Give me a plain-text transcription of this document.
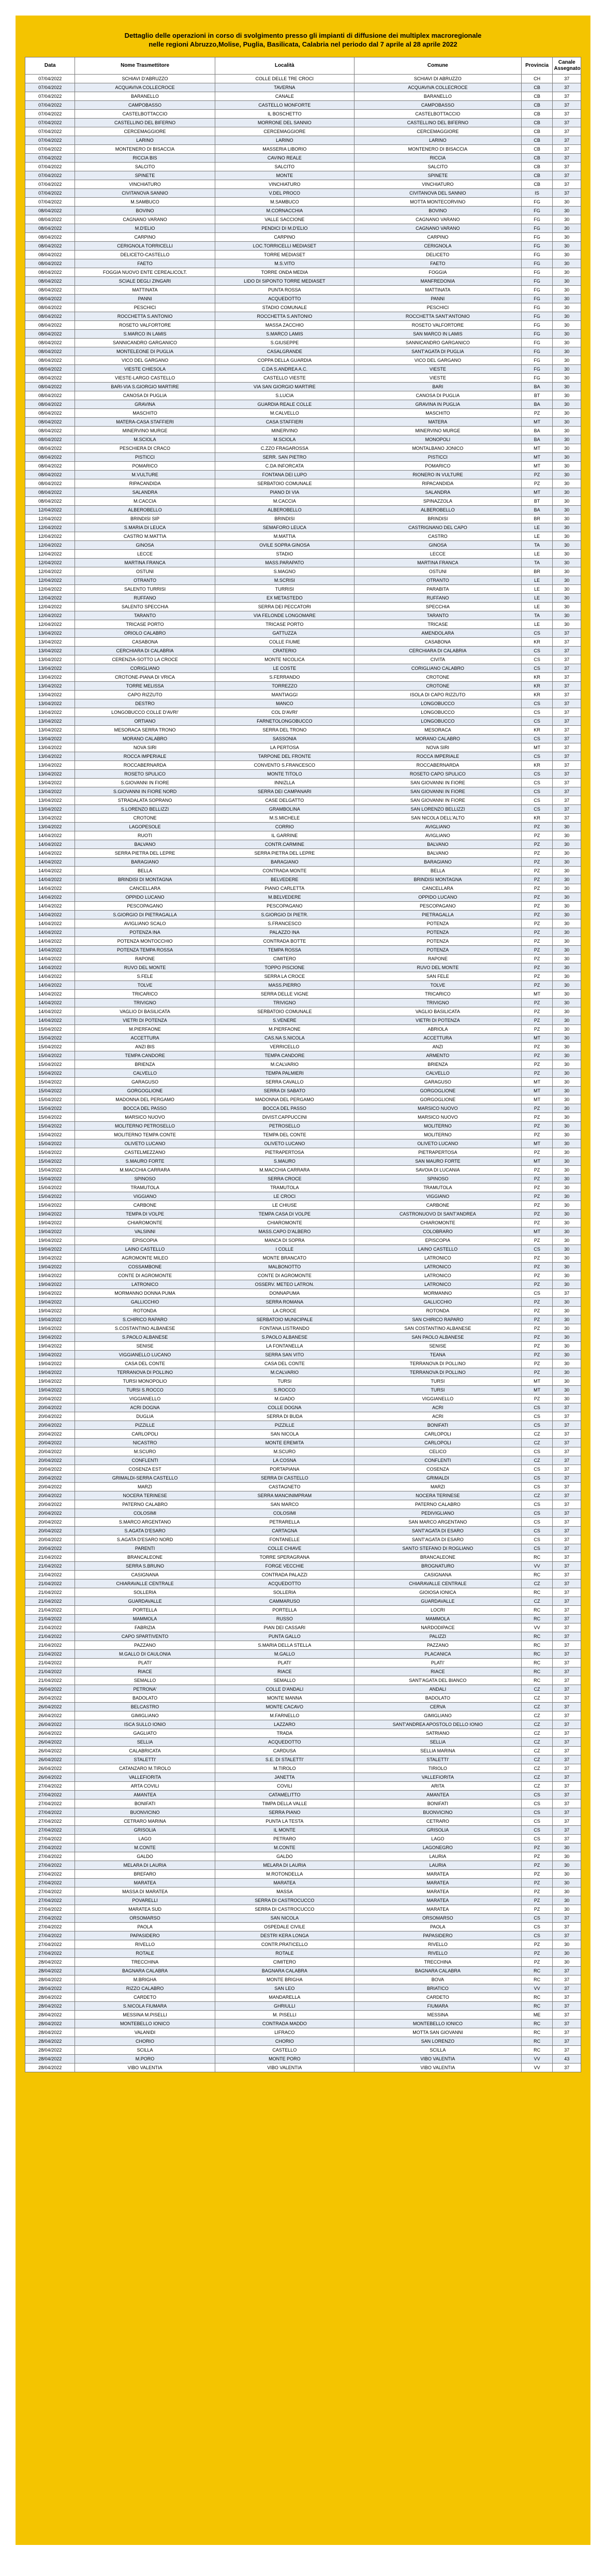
Dettaglio delle operazioni in corso di svolgimento presso gli impianti di diffusione dei multiplex macroregionale
nelle regioni Abruzzo,Molise, Puglia, Basilicata, Calabria nel periodo dal 7 aprile al 28 aprile 2022
Data	Nome Trasmettitore	Località	Comune	Provincia	Canale Assegnato
07/04/2022	SCHIAVI D'ABRUZZO	COLLE DELLE TRE CROCI	SCHIAVI DI ABRUZZO	CH	37
07/04/2022	ACQUAVIVA COLLECROCE	TAVERNA	ACQUAVIVA COLLECROCE	CB	37
07/04/2022	BARANELLO	CANALE	BARANELLO	CB	37
07/04/2022	CAMPOBASSO	CASTELLO MONFORTE	CAMPOBASSO	CB	37
07/04/2022	CASTELBOTTACCIO	IL BOSCHETTO	CASTELBOTTACCIO	CB	37
07/04/2022	CASTELLINO DEL BIFERNO	MORRONE DEL SANNIO	CASTELLINO DEL BIFERNO	CB	37
07/04/2022	CERCEMAGGIORE	CERCEMAGGIORE	CERCEMAGGIORE	CB	37
07/04/2022	LARINO	LARINO	LARINO	CB	37
07/04/2022	MONTENERO DI BISACCIA	MASSERIA LIBORIO	MONTENERO DI BISACCIA	CB	37
07/04/2022	RICCIA BIS	CAVINO REALE	RICCIA	CB	37
07/04/2022	SALCITO	SALCITO	SALCITO	CB	37
07/04/2022	SPINETE	MONTE	SPINETE	CB	37
07/04/2022	VINCHIATURO	VINCHIATURO	VINCHIATURO	CB	37
07/04/2022	CIVITANOVA SANNIO	V.DEL PROCO	CIVITANOVA DEL SANNIO	IS	37
07/04/2022	M.SAMBUCO	M.SAMBUCO	MOTTA MONTECORVINO	FG	30
08/04/2022	BOVINO	M.CORNACCHIA	BOVINO	FG	30
08/04/2022	CAGNANO VARANO	VALLE SACCIONE	CAGNANO VARANO	FG	30
08/04/2022	M.D'ELIO	PENDICI DI M.D'ELIO	CAGNANO VARANO	FG	30
08/04/2022	CARPINO	CARPINO	CARPINO	FG	30
08/04/2022	CERIGNOLA TORRICELLI	LOC.TORRICELLI MEDIASET	CERIGNOLA	FG	30
08/04/2022	DELICETO-CASTELLO	TORRE MEDIASET	DELICETO	FG	30
08/04/2022	FAETO	M.S.VITO	FAETO	FG	30
08/04/2022	FOGGIA NUOVO ENTE CEREALICOLT.	TORRE ONDA MEDIA	FOGGIA	FG	30
08/04/2022	SCIALE DEGLI ZINGARI	LIDO DI SIPONTO TORRE MEDIASET	MANFREDONIA	FG	30
08/04/2022	MATTINATA	PUNTA ROSSA	MATTINATA	FG	30
08/04/2022	PANNI	ACQUEDOTTO	PANNI	FG	30
08/04/2022	PESCHICI	STADIO COMUNALE	PESCHICI	FG	30
08/04/2022	ROCCHETTA S.ANTONIO	ROCCHETTA S.ANTONIO	ROCCHETTA SANT'ANTONIO	FG	30
08/04/2022	ROSETO VALFORTORE	MASSA ZACCHIO	ROSETO VALFORTORE	FG	30
08/04/2022	S.MARCO IN LAMIS	S.MARCO LAMIS	SAN MARCO IN LAMIS	FG	30
08/04/2022	SANNICANDRO GARGANICO	S.GIUSEPPE	SANNICANDRO GARGANICO	FG	30
08/04/2022	MONTELEONE DI PUGLIA	CASALGRANDE	SANT'AGATA DI PUGLIA	FG	30
08/04/2022	VICO DEL GARGANO	COPPA DELLA GUARDIA	VICO DEL GARGANO	FG	30
08/04/2022	VIESTE CHIESOLA	C.DA S.ANDREA A.C.	VIESTE	FG	30
08/04/2022	VIESTE-LARGO CASTELLO	CASTELLO VIESTE	VIESTE	FG	30
08/04/2022	BARI-VIA S.GIORGIO MARTIRE	VIA SAN GIORGIO MARTIRE	BARI	BA	30
08/04/2022	CANOSA DI PUGLIA	S.LUCIA	CANOSA DI PUGLIA	BT	30
08/04/2022	GRAVINA	GUARDIA REALE COLLE	GRAVINA IN PUGLIA	BA	30
08/04/2022	MASCHITO	M.CALVELLO	MASCHITO	PZ	30
08/04/2022	MATERA-CASA STAFFIERI	CASA STAFFIERI	MATERA	MT	30
08/04/2022	MINERVINO MURGE	MINERVINO	MINERVINO MURGE	BA	30
08/04/2022	M.SCIOLA	M.SCIOLA	MONOPOLI	BA	30
08/04/2022	PESCHIERA DI CRACO	C.ZZO FRAGAROSSA	MONTALBANO JONICO	MT	30
08/04/2022	PISTICCI	SERR. SAN PIETRO	PISTICCI	MT	30
08/04/2022	POMARICO	C.DA INFORCATA	POMARICO	MT	30
08/04/2022	M.VULTURE	FONTANA DEI LUPO	RIONERO IN VULTURE	PZ	30
08/04/2022	RIPACANDIDA	SERBATOIO COMUNALE	RIPACANDIDA	PZ	30
08/04/2022	SALANDRA	PIANO DI VIA	SALANDRA	MT	30
08/04/2022	M.CACCIA	M.CACCIA	SPINAZZOLA	BT	30
12/04/2022	ALBEROBELLO	ALBEROBELLO	ALBEROBELLO	BA	30
12/04/2022	BRINDISI SIP	BRINDISI	BRINDISI	BR	30
12/04/2022	S.MARIA DI LEUCA	SEMAFORO LEUCA	CASTRIGNANO DEL CAPO	LE	30
12/04/2022	CASTRO M.MATTIA	M.MATTIA	CASTRO	LE	30
12/04/2022	GINOSA	OVILE SOPRA GINOSA	GINOSA	TA	30
12/04/2022	LECCE	STADIO	LECCE	LE	30
12/04/2022	MARTINA FRANCA	MASS.PARAPATO	MARTINA FRANCA	TA	30
12/04/2022	OSTUNI	S.MAGNO	OSTUNI	BR	30
12/04/2022	OTRANTO	M.SCRISI	OTRANTO	LE	30
12/04/2022	SALENTO TURRISI	TURRISI	PARABITA	LE	30
12/04/2022	RUFFANO	EX METASTEDO	RUFFANO	LE	30
12/04/2022	SALENTO SPECCHIA	SERRA DEI PECCATORI	SPECCHIA	LE	30
12/04/2022	TARANTO	VIA FELONDE LONGOMARE	TARANTO	TA	30
12/04/2022	TRICASE PORTO	TRICASE PORTO	TRICASE	LE	30
13/04/2022	ORIOLO CALABRO	GATTUZZA	AMENDOLARA	CS	37
13/04/2022	CASABONA	COLLE FIUME	CASABONA	KR	37
13/04/2022	CERCHIARA DI CALABRIA	CRATERIO	CERCHIARA DI CALABRIA	CS	37
13/04/2022	CERENZIA-SOTTO LA CROCE	MONTE NICOLICA	CIVITA	CS	37
13/04/2022	CORIGLIANO	LE COSTE	CORIGLIANO CALABRO	CS	37
13/04/2022	CROTONE-PIANA DI VRICA	S.FERRANDO	CROTONE	KR	37
13/04/2022	TORRE MELISSA	TORREZZO	CROTONE	KR	37
13/04/2022	CAPO RIZZUTO	MANTIAGGI	ISOLA DI CAPO RIZZUTO	KR	37
13/04/2022	DESTRO	MANCO	LONGOBUCCO	CS	37
13/04/2022	LONGOBUCCO COLLE D'AVRI'	COL D'AVRI'	LONGOBUCCO	CS	37
13/04/2022	ORTIANO	FARNETOLONGOBUCCO	LONGOBUCCO	CS	37
13/04/2022	MESORACA SERRA TRONO	SERRA DEL TRONO	MESORACA	KR	37
13/04/2022	MORANO CALABRO	SASSONIA	MORANO CALABRO	CS	37
13/04/2022	NOVA SIRI	LA PERTOSA	NOVA SIRI	MT	37
13/04/2022	ROCCA IMPERIALE	TARPONE DEL FRONTE	ROCCA IMPERIALE	CS	37
13/04/2022	ROCCABERNARDA	CONVENTO S.FRANCESCO	ROCCABERNARDA	KR	37
13/04/2022	ROSETO SPULICO	MONTE TITOLO	ROSETO CAPO SPULICO	CS	37
13/04/2022	S.GIOVANNI IN FIORE	INNIZLLA	SAN GIOVANNI IN FIORE	CS	37
13/04/2022	S.GIOVANNI IN FIORE NORD	SERRA DEI CAMPANARI	SAN GIOVANNI IN FIORE	CS	37
13/04/2022	STRADALATA SOPRANO	CASE DELGATTO	SAN GIOVANNI IN FIORE	CS	37
13/04/2022	S.LORENZO BELLIZZI	GRAMBOLINA	SAN LORENZO BELLIZZI	CS	37
13/04/2022	CROTONE	M.S.MICHELE	SAN NICOLA DELL'ALTO	KR	37
13/04/2022	LAGOPESOLE	CORRIO	AVIGLIANO	PZ	30
14/04/2022	RUOTI	IL GARRINE	AVIGLIANO	PZ	30
14/04/2022	BALVANO	CONTR.CARMINE	BALVANO	PZ	30
14/04/2022	SERRA PIETRA DEL LEPRE	SERRA PIETRA DEL LEPRE	BALVANO	PZ	30
14/04/2022	BARAGIANO	BARAGIANO	BARAGIANO	PZ	30
14/04/2022	BELLA	CONTRADA MONTE	BELLA	PZ	30
14/04/2022	BRINDISI DI MONTAGNA	BELVEDERE	BRINDISI MONTAGNA	PZ	30
14/04/2022	CANCELLARA	PIANO CARLETTA	CANCELLARA	PZ	30
14/04/2022	OPPIDO LUCANO	M.BELVEDERE	OPPIDO LUCANO	PZ	30
14/04/2022	PESCOPAGANO	PESCOPAGANO	PESCOPAGANO	PZ	30
14/04/2022	S.GIORGIO DI PIETRAGALLA	S.GIORGIO DI PIETR.	PIETRAGALLA	PZ	30
14/04/2022	AVIGLIANO SCALO	S.FRANCESCO	POTENZA	PZ	30
14/04/2022	POTENZA INA	PALAZZO INA	POTENZA	PZ	30
14/04/2022	POTENZA MONTOCCHIO	CONTRADA BOTTE	POTENZA	PZ	30
14/04/2022	POTENZA TEMPA ROSSA	TEMPA ROSSA	POTENZA	PZ	30
14/04/2022	RAPONE	CIMITERO	RAPONE	PZ	30
14/04/2022	RUVO DEL MONTE	TOPPO PISCIONE	RUVO DEL MONTE	PZ	30
14/04/2022	S.FELE	SERRA LA CROCE	SAN FELE	PZ	30
14/04/2022	TOLVE	MASS.PIERRO	TOLVE	PZ	30
14/04/2022	TRICARICO	SERRA DELLE VIGNE	TRICARICO	MT	30
14/04/2022	TRIVIGNO	TRIVIGNO	TRIVIGNO	PZ	30
14/04/2022	VAGLIO DI BASILICATA	SERBATOIO COMUNALE	VAGLIO BASILICATA	PZ	30
14/04/2022	VIETRI DI POTENZA	S.VENERE	VIETRI DI POTENZA	PZ	30
15/04/2022	M.PIERFAONE	M.PIERFAONE	ABRIOLA	PZ	30
15/04/2022	ACCETTURA	CAS.NA S.NICOLA	ACCETTURA	MT	30
15/04/2022	ANZI BIS	VERRICELLO	ANZI	PZ	30
15/04/2022	TEMPA CANDORE	TEMPA CANDORE	ARMENTO	PZ	30
15/04/2022	BRIENZA	M.CALVARIO	BRIENZA	PZ	30
15/04/2022	CALVELLO	TEMPA PALMIERI	CALVELLO	PZ	30
15/04/2022	GARAGUSO	SERRA CAVALLO	GARAGUSO	MT	30
15/04/2022	GORGOGLIONE	SERRA DI SABATO	GORGOGLIONE	MT	30
15/04/2022	MADONNA DEL PERGAMO	MADONNA DEL PERGAMO	GORGOGLIONE	MT	30
15/04/2022	BOCCA DEL PASSO	BOCCA DEL PASSO	MARSICO NUOVO	PZ	30
15/04/2022	MARSICO NUOVO	DIVIST.CAPPUCCINI	MARSICO NUOVO	PZ	30
15/04/2022	MOLITERNO PETROSELLO	PETROSELLO	MOLITERNO	PZ	30
15/04/2022	MOLITERNO TEMPA CONTE	TEMPA DEL CONTE	MOLITERNO	PZ	30
15/04/2022	OLIVETO LUCANO	OLIVETO LUCANO	OLIVETO LUCANO	MT	30
15/04/2022	CASTELMEZZANO	PIETRAPERTOSA	PIETRAPERTOSA	PZ	30
15/04/2022	S.MAURO FORTE	S.MAURO	SAN MAURO FORTE	MT	30
15/04/2022	M.MACCHIA CARRARA	M.MACCHIA CARRARA	SAVOIA DI LUCANIA	PZ	30
15/04/2022	SPINOSO	SERRA CROCE	SPINOSO	PZ	30
15/04/2022	TRAMUTOLA	TRAMUTOLA	TRAMUTOLA	PZ	30
15/04/2022	VIGGIANO	LE CROCI	VIGGIANO	PZ	30
15/04/2022	CARBONE	LE CHIUSE	CARBONE	PZ	30
19/04/2022	TEMPA DI VOLPE	TEMPA CASA DI VOLPE	CASTRONUOVO DI SANT'ANDREA	PZ	30
19/04/2022	CHIAROMONTE	CHIAROMONTE	CHIAROMONTE	PZ	30
19/04/2022	VALSINNI	MASS.CAPO D'ALBERO	COLOBRARO	MT	30
19/04/2022	EPISCOPIA	MANCA DI SOPRA	EPISCOPIA	PZ	30
19/04/2022	LAINO CASTELLO	I COLLE	LAINO CASTELLO	CS	30
19/04/2022	AGROMONTE MILEO	MONTE BRANCATO	LATRONICO	PZ	30
19/04/2022	COSSAMBONE	MALBONOTTO	LATRONICO	PZ	30
19/04/2022	CONTE DI AGROMONTE	CONTE DI AGROMONTE	LATRONICO	PZ	30
19/04/2022	LATRONICO	OSSERV. METEO LATRON.	LATRONICO	PZ	30
19/04/2022	MORMANNO DONNA PUMA	DONNAPUMA	MORMANNO	CS	37
19/04/2022	GALLICCHIO	SERRA ROMANA	GALLICCHIO	PZ	30
19/04/2022	ROTONDA	LA CROCE	ROTONDA	PZ	30
19/04/2022	S.CHIRICO RAPARO	SERBATOIO MUNICIPALE	SAN CHIRICO RAPARO	PZ	30
19/04/2022	S.COSTANTINO ALBANESE	FONTANA LISTRANDO	SAN COSTANTINO ALBANESE	PZ	30
19/04/2022	S.PAOLO ALBANESE	S.PAOLO ALBANESE	SAN PAOLO ALBANESE	PZ	30
19/04/2022	SENISE	LA FONTANELLA	SENISE	PZ	30
19/04/2022	VIGGIANELLO LUCANO	SERRA SAN VITO	TEANA	PZ	30
19/04/2022	CASA DEL CONTE	CASA DEL CONTE	TERRANOVA DI POLLINO	PZ	30
19/04/2022	TERRANOVA DI POLLINO	M.CALVARIO	TERRANOVA DI POLLINO	PZ	30
19/04/2022	TURSI MONOPOLIO	TURSI	TURSI	MT	30
19/04/2022	TURSI S.ROCCO	S.ROCCO	TURSI	MT	30
20/04/2022	VIGGIANELLO	M.GIADO	VIGGIANELLO	PZ	30
20/04/2022	ACRI DOGNA	COLLE DOGNA	ACRI	CS	37
20/04/2022	DUGLIA	SERRA DI BUDA	ACRI	CS	37
20/04/2022	PIZZILLE	PIZZILLE	BONIFATI	CS	37
20/04/2022	CARLOPOLI	SAN NICOLA	CARLOPOLI	CZ	37
20/04/2022	NICASTRO	MONTE EREMITA	CARLOPOLI	CZ	37
20/04/2022	M.SCURO	M.SCURO	CELICO	CS	37
20/04/2022	CONFLENTI	LA COSNA	CONFLENTI	CZ	37
20/04/2022	COSENZA EST	PORTAPIANA	COSENZA	CS	37
20/04/2022	GRIMALDI-SERRA CASTELLO	SERRA DI CASTELLO	GRIMALDI	CS	37
20/04/2022	MARZI	CASTAGNETO	MARZI	CS	37
20/04/2022	NOCERA TERINESE	SERRA MANCINIMPRAM	NOCERA TERINESE	CZ	37
20/04/2022	PATERNO CALABRO	SAN MARCO	PATERNO CALABRO	CS	37
20/04/2022	COLOSIMI	COLOSIMI	PEDIVIGLIANO	CS	37
20/04/2022	S.MARCO ARGENTANO	PETRARELLA	SAN MARCO ARGENTANO	CS	37
20/04/2022	S.AGATA D'ESARO	CARTAGNA	SANT'AGATA DI ESARO	CS	37
20/04/2022	S.AGATA D'ESARO NORD	FONTANELLE	SANT'AGATA DI ESARO	CS	37
20/04/2022	PARENTI	COLLE CHIAVE	SANTO STEFANO DI ROGLIANO	CS	37
21/04/2022	BRANCALEONE	TORRE SPERAGRANA	BRANCALEONE	RC	37
21/04/2022	SERRA S.BRUNO	FORGE VECCHIE	BROGNATURO	VV	37
21/04/2022	CASIGNANA	CONTRADA PALAZZI	CASIGNANA	RC	37
21/04/2022	CHIARAVALLE CENTRALE	ACQUEDOTTO	CHIARAVALLE CENTRALE	CZ	37
21/04/2022	SOLLERIA	SOLLERIA	GIOIOSA IONICA	RC	37
21/04/2022	GUARDAVALLE	CAMMARUSO	GUARDAVALLE	CZ	37
21/04/2022	PORTELLA	PORTELLA	LOCRI	RC	37
21/04/2022	MAMMOLA	RUSSO	MAMMOLA	RC	37
21/04/2022	FABRIZIA	PIAN DEI CASSARI	NARDODIPACE	VV	37
21/04/2022	CAPO SPARTIVENTO	PUNTA GALLO	PALIZZI	RC	37
21/04/2022	PAZZANO	S.MARIA DELLA STELLA	PAZZANO	RC	37
21/04/2022	M.GALLO DI CAULONIA	M.GALLO	PLACANICA	RC	37
21/04/2022	PLATI'	PLATI'	PLATI'	RC	37
21/04/2022	RIACE	RIACE	RIACE	RC	37
21/04/2022	SEMALLO	SEMALLO	SANT'AGATA DEL BIANCO	RC	37
26/04/2022	PETRONA'	COLLE D'ANDALI	ANDALI	CZ	37
26/04/2022	BADOLATO	MONTE MANNA	BADOLATO	CZ	37
26/04/2022	BELCASTRO	MONTE CACAVO	CERVA	CZ	37
26/04/2022	GIMIGLIANO	M.FARNELLO	GIMIGLIANO	CZ	37
26/04/2022	ISCA SULLO IONIO	LAZZARO	SANT'ANDREA APOSTOLO DELLO IONIO	CZ	37
26/04/2022	GAGLIATO	TRADA	SATRIANO	CZ	37
26/04/2022	SELLIA	ACQUEDOTTO	SELLIA	CZ	37
26/04/2022	CALABRICATA	CARDUSA	SELLIA MARINA	CZ	37
26/04/2022	STALETTI'	S.E. DI STALETTI'	STALETTI'	CZ	37
26/04/2022	CATANZARO M.TIROLO	M.TIROLO	TIRIOLO	CZ	37
26/04/2022	VALLEFIORITA	JANETTA	VALLEFIORITA	CZ	37
27/04/2022	ARTA COVILI	COVILI	ARITA	CZ	37
27/04/2022	AMANTEA	CATAMELITTO	AMANTEA	CS	37
27/04/2022	BONIFATI	TIMPA DELLA VALLE	BONIFATI	CS	37
27/04/2022	BUONVICINO	SERRA PIANO	BUONVICINO	CS	37
27/04/2022	CETRARO MARINA	PUNTA LA TESTA	CETRARO	CS	37
27/04/2022	GRISOLIA	IL MONTE	GRISOLIA	CS	37
27/04/2022	LAGO	PETRARO	LAGO	CS	37
27/04/2022	M.CONTE	M.CONTE	LAGONEGRO	PZ	30
27/04/2022	GALDO	GALDO	LAURIA	PZ	30
27/04/2022	MELARA DI LAURIA	MELARA DI LAURIA	LAURIA	PZ	30
27/04/2022	BREFARO	M.ROTONDELLA	MARATEA	PZ	30
27/04/2022	MARATEA	MARATEA	MARATEA	PZ	30
27/04/2022	MASSA DI MARATEA	MASSA	MARATEA	PZ	30
27/04/2022	POVARELLI	SERRA DI CASTROCUCCO	MARATEA	PZ	30
27/04/2022	MARATEA SUD	SERRA DI CASTROCUCCO	MARATEA	PZ	30
27/04/2022	ORSOMARSO	SAN NICOLA	ORSOMARSO	CS	37
27/04/2022	PAOLA	OSPEDALE CIVILE	PAOLA	CS	37
27/04/2022	PAPASIDERO	DESTRI KERA LONGA	PAPASIDERO	CS	37
27/04/2022	RIVELLO	CONTR.PRATICELLO	RIVELLO	PZ	30
27/04/2022	ROTALE	ROTALE	RIVELLO	PZ	30
28/04/2022	TRECCHINA	CIMITERO	TRECCHINA	PZ	30
28/04/2022	BAGNARA CALABRA	BAGNARA CALABRA	BAGNARA CALABRA	RC	37
28/04/2022	M.BRIGHA	MONTE BRIGHA	BOVA	RC	37
28/04/2022	RIZZO CALABRO	SAN LEO	BRIATICO	VV	37
28/04/2022	CARDETO	MANDARELLA	CARDETO	RC	37
28/04/2022	S.NICOLA FIUMARA	GHRIULLI	FIUMARA	RC	37
28/04/2022	MESSINA M.PISELLI	M. PISELLI	MESSINA	ME	37
28/04/2022	MONTEBELLO IONICO	CONTRADA MADDO	MONTEBELLO IONICO	RC	37
28/04/2022	VALANIDI	LIFRACO	MOTTA SAN GIOVANNI	RC	37
28/04/2022	CHORIO	CHORIO	SAN LORENZO	RC	37
28/04/2022	SCILLA	CASTELLO	SCILLA	RC	37
28/04/2022	M.PORO	MONTE PORO	VIBO VALENTIA	VV	43
28/04/2022	VIBO VALENTIA	VIBO VALENTIA	VIBO VALENTIA	VV	37
